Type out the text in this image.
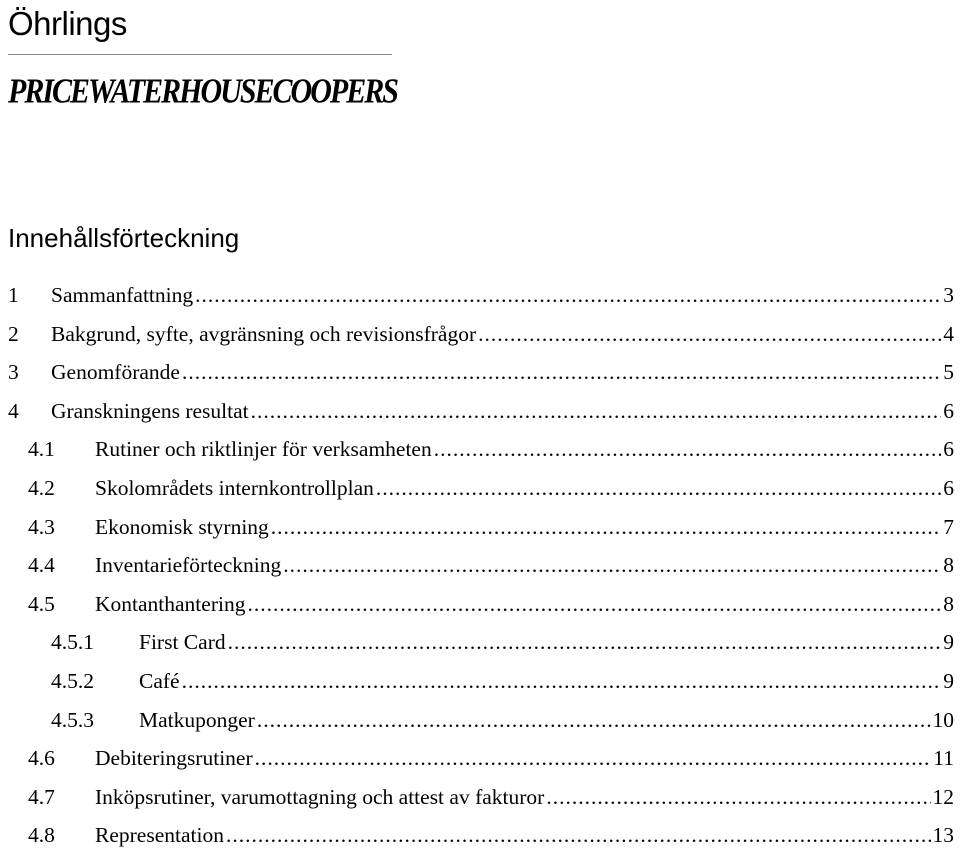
Öhrlings
PRICEWATERHOUSECOOPERS
Innehållsförteckning
1	Sammanfattning .....	3
2	Bakgrund, syfte, avgränsning och revisionsfrågor .....	4
3	Genomförande .....	5
4	Granskningens resultat .....	6
4.1	Rutiner och riktlinjer för verksamheten .....	6
4.2	Skolområdets internkontrollplan .....	6
4.3	Ekonomisk styrning .....	7
4.4	Inventarieförteckning .....	8
4.5	Kontanthantering .....	8
4.5.1	First Card .....	9
4.5.2	Café .....	9
4.5.3	Matkuponger .....	10
4.6	Debiteringsrutiner .....	11
4.7	Inköpsrutiner, varumottagning och attest av fakturor .....	12
4.8	Representation .....	13
